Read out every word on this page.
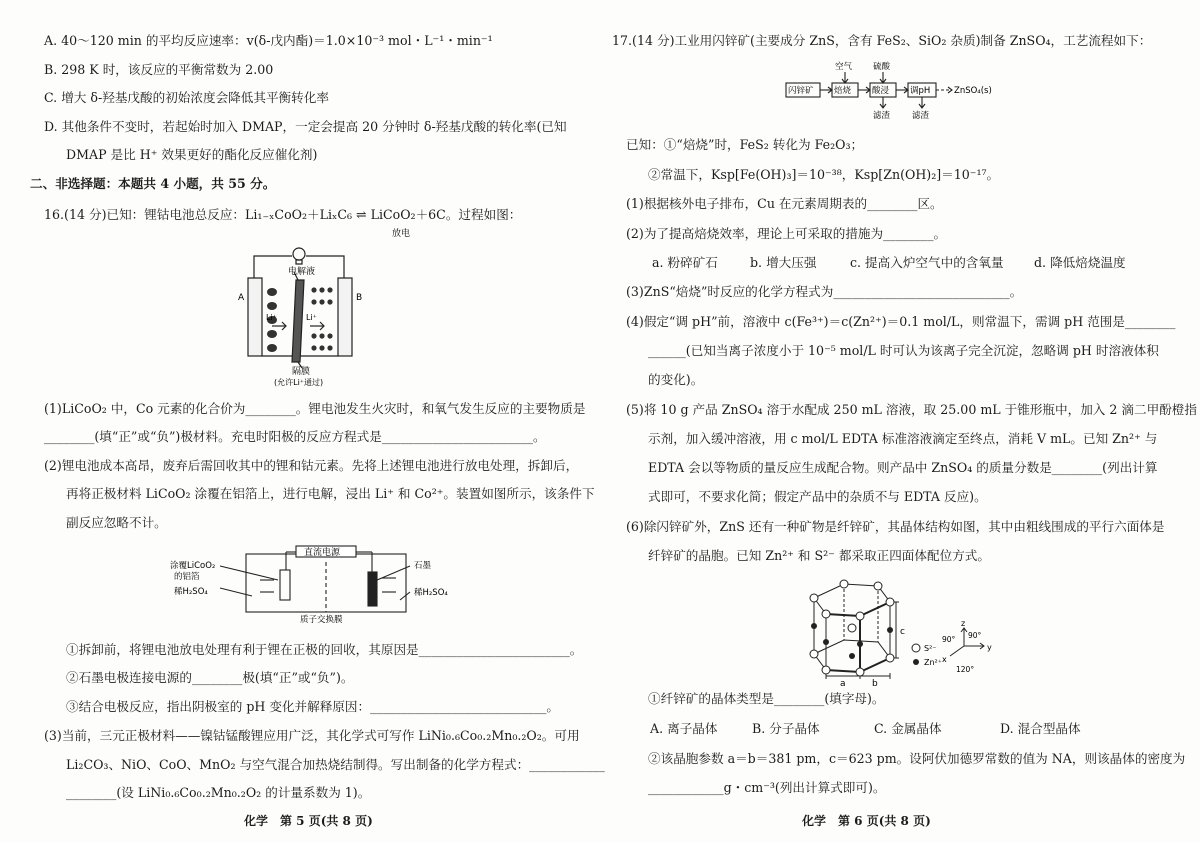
A. 40～120 min 的平均反应速率：v(δ-戊内酯)＝1.0×10⁻³ mol・L⁻¹・min⁻¹
B. 298 K 时，该反应的平衡常数为 2.00
C. 增大 δ-羟基戊酸的初始浓度会降低其平衡转化率
D. 其他条件不变时，若起始时加入 DMAP，一定会提高 20 分钟时 δ-羟基戊酸的转化率(已知
DMAP 是比 H⁺ 效果更好的酯化反应催化剂)
二、非选择题：本题共 4 小题，共 55 分。
16.(14 分)已知：锂钴电池总反应：Li₁₋ₓCoO₂＋LiₓC₆ ⇌ LiCoO₂＋6C。过程如图：
放电
电解液
A	B
Li⁺	Li⁺
隔膜
(允许Li⁺通过)
(1)LiCoO₂ 中，Co 元素的化合价为________。锂电池发生火灾时，和氧气发生反应的主要物质是
________(填“正”或“负”)极材料。充电时阳极的反应方程式是________________________。
(2)锂电池成本高昂，废弃后需回收其中的锂和钴元素。先将上述锂电池进行放电处理，拆卸后，
再将正极材料 LiCoO₂ 涂覆在铝箔上，进行电解，浸出 Li⁺ 和 Co²⁺。装置如图所示，该条件下
副反应忽略不计。
直流电源
涂覆LiCoO₂
的铝箔
稀H₂SO₄
石墨
稀H₂SO₄
质子交换膜
①拆卸前，将锂电池放电处理有利于锂在正极的回收，其原因是________________________。
②石墨电极连接电源的________极(填“正”或“负”)。
③结合电极反应，指出阴极室的 pH 变化并解释原因：____________________________。
(3)当前，三元正极材料——镍钴锰酸锂应用广泛，其化学式可写作 LiNi₀.₆Co₀.₂Mn₀.₂O₂。可用
Li₂CO₃、NiO、CoO、MnO₂ 与空气混合加热烧结制得。写出制备的化学方程式：____________
________(设 LiNi₀.₆Co₀.₂Mn₀.₂O₂ 的计量系数为 1)。
化学　第 5 页(共 8 页)
17.(14 分)工业用闪锌矿(主要成分 ZnS，含有 FeS₂、SiO₂ 杂质)制备 ZnSO₄，工艺流程如下：
空气 硫酸
闪锌矿 焙烧 酸浸 调pH	ZnSO₄(s)
滤渣	滤渣
已知：①“焙烧”时，FeS₂ 转化为 Fe₂O₃；
②常温下，Ksp[Fe(OH)₃]＝10⁻³⁸，Ksp[Zn(OH)₂]＝10⁻¹⁷。
(1)根据核外电子排布，Cu 在元素周期表的________区。
(2)为了提高焙烧效率，理论上可采取的措施为________。
a. 粉碎矿石	b. 增大压强	c. 提高入炉空气中的含氧量 d. 降低焙烧温度
(3)ZnS“焙烧”时反应的化学方程式为____________________________。
(4)假定“调 pH”前，溶液中 c(Fe³⁺)＝c(Zn²⁺)＝0.1 mol/L，则常温下，需调 pH 范围是________
______(已知当离子浓度小于 10⁻⁵ mol/L 时可认为该离子完全沉淀，忽略调 pH 时溶液体积
的变化)。
(5)将 10 g 产品 ZnSO₄ 溶于水配成 250 mL 溶液，取 25.00 mL 于锥形瓶中，加入 2 滴二甲酚橙指
示剂，加入缓冲溶液，用 c mol/L EDTA 标准溶液滴定至终点，消耗 V mL。已知 Zn²⁺ 与
EDTA 会以等物质的量反应生成配合物。则产品中 ZnSO₄ 的质量分数是________(列出计算
式即可，不要求化简；假定产品中的杂质不与 EDTA 反应)。
(6)除闪锌矿外，ZnS 还有一种矿物是纤锌矿，其晶体结构如图，其中由粗线围成的平行六面体是
纤锌矿的晶胞。已知 Zn²⁺ 和 S²⁻ 都采取正四面体配位方式。
c
a	b
S²⁻
Zn²⁺
z
x
y
90° 90°
120°
①纤锌矿的晶体类型是________(填字母)。
A. 离子晶体	B. 分子晶体	C. 金属晶体	D. 混合型晶体
②该晶胞参数 a＝b＝381 pm，c＝623 pm。设阿伏加德罗常数的值为 NA，则该晶体的密度为
____________g・cm⁻³(列出计算式即可)。
化学　第 6 页(共 8 页)
